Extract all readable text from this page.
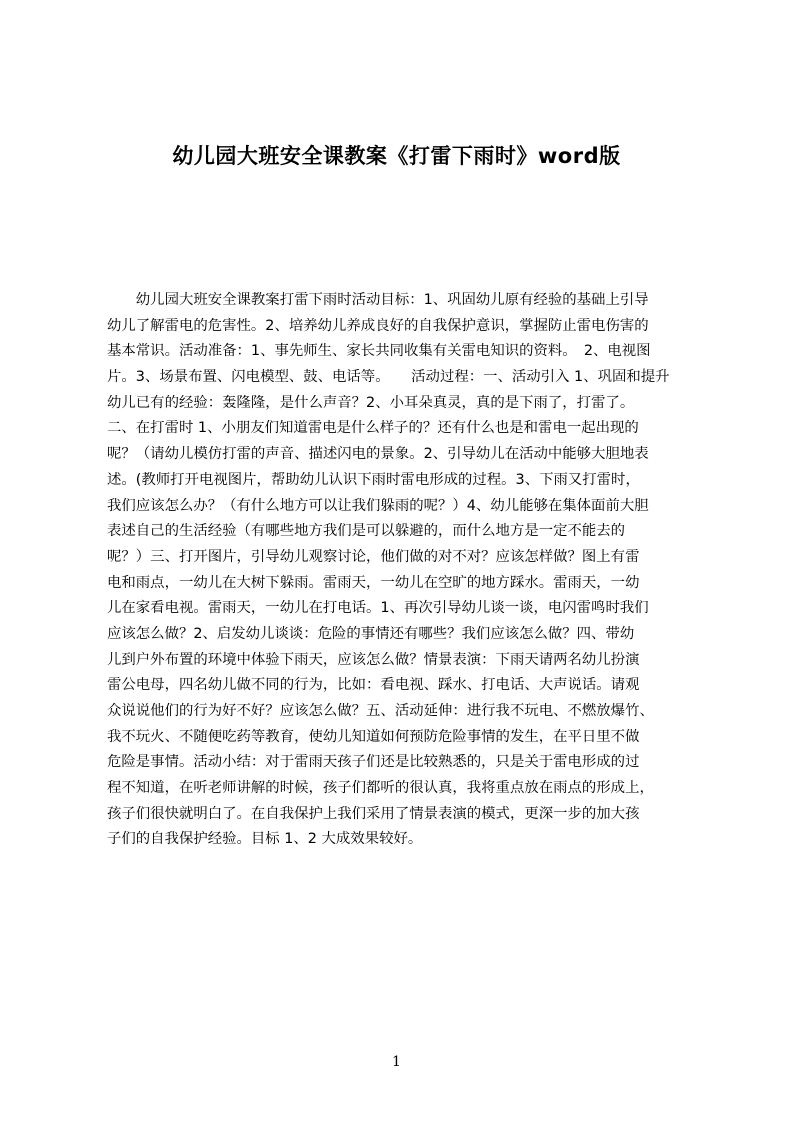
幼儿园大班安全课教案《打雷下雨时》word版
　　幼儿园大班安全课教案打雷下雨时活动目标：1、巩固幼儿原有经验的基础上引导
幼儿了解雷电的危害性。2、培养幼儿养成良好的自我保护意识，掌握防止雷电伤害的
基本常识。活动准备：1、事先师生、家长共同收集有关雷电知识的资料。　2、电视图
片。3、场景布置、闪电模型、鼓、电话等。　　活动过程：一、活动引入 1、巩固和提升
幼儿已有的经验：轰隆隆，是什么声音？2、小耳朵真灵，真的是下雨了，打雷了。
二、在打雷时 1、小朋友们知道雷电是什么样子的？还有什么也是和雷电一起出现的
呢？（请幼儿模仿打雷的声音、描述闪电的景象。2、引导幼儿在活动中能够大胆地表
述。(教师打开电视图片，帮助幼儿认识下雨时雷电形成的过程。3、下雨又打雷时，
我们应该怎么办？（有什么地方可以让我们躲雨的呢？）4、幼儿能够在集体面前大胆
表述自己的生活经验（有哪些地方我们是可以躲避的，而什么地方是一定不能去的
呢？）三、打开图片，引导幼儿观察讨论，他们做的对不对？应该怎样做？图上有雷
电和雨点，一幼儿在大树下躲雨。雷雨天，一幼儿在空旷的地方踩水。雷雨天，一幼
儿在家看电视。雷雨天，一幼儿在打电话。1、再次引导幼儿谈一谈，电闪雷鸣时我们
应该怎么做？2、启发幼儿谈谈：危险的事情还有哪些？我们应该怎么做？四、带幼
儿到户外布置的环境中体验下雨天，应该怎么做？情景表演：下雨天请两名幼儿扮演
雷公电母，四名幼儿做不同的行为，比如：看电视、踩水、打电话、大声说话。请观
众说说他们的行为好不好？应该怎么做？五、活动延伸：进行我不玩电、不燃放爆竹、
我不玩火、不随便吃药等教育，使幼儿知道如何预防危险事情的发生，在平日里不做
危险是事情。活动小结：对于雷雨天孩子们还是比较熟悉的，只是关于雷电形成的过
程不知道，在听老师讲解的时候，孩子们都听的很认真，我将重点放在雨点的形成上，
孩子们很快就明白了。在自我保护上我们采用了情景表演的模式，更深一步的加大孩
子们的自我保护经验。目标 1、2 大成效果较好。
1
